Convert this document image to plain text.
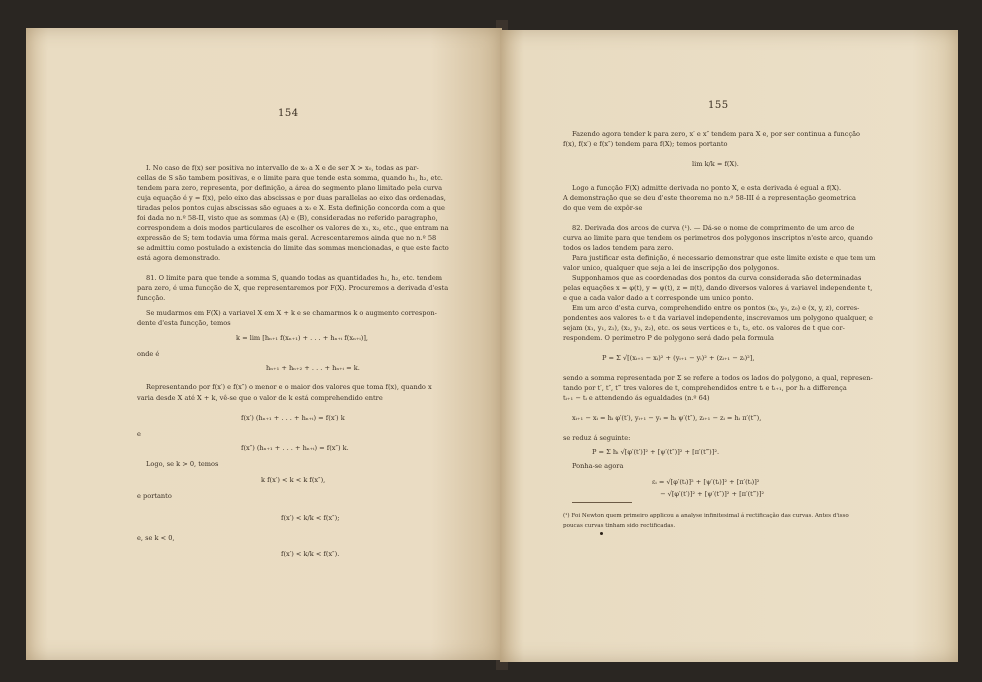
154
I. No caso de f(x) ser positiva no intervallo de x₀ a X e de ser X > x₀, todas as par-
cellas de S são tambem positivas, e o limite para que tende esta somma, quando h₁, h₂, etc.
tendem para zero, representa, por definição, a área do segmento plano limitado pela curva
cuja equação é y = f(x), pelo eixo das abscissas e por duas parallelas ao eixo das ordenadas,
tiradas pelos pontos cujas abscissas são eguaes a x₀ e X. Esta definição concorda com a que
foi dada no n.º 58-II, visto que as sommas (A) e (B), consideradas no referido paragrapho,
correspondem a dois modos particulares de escolher os valores de x₁, x₂, etc., que entram na
expressão de S; tem todavia uma fórma mais geral. Acrescentaremos ainda que no n.º 58
se admittiu como postulado a existencia do limite das sommas mencionadas, e que este facto
está agora demonstrado.
81. O limite para que tende a somma S, quando todas as quantidades h₁, h₂, etc. tendem
para zero, é uma funcção de X, que representaremos por F(X). Procuremos a derivada d'esta
funcção.
Se mudarmos em F(X) a variavel X em X + k e se chamarmos k o augmento correspon-
dente d'esta funcção, temos
k = lim [hₙ₊₁ f(xₙ₊₁) + . . . + hₙ₊ᵢ f(xₙ₊ᵢ)],
onde é
hₙ₊₁ + hₙ₊₂ + . . . + hₙ₊ᵢ = k.
Representando por f(x′) e f(x″) o menor e o maior dos valores que toma f(x), quando x
varia desde X até X + k, vê-se que o valor de k está comprehendido entre
f(x′) (hₙ₊₁ + . . . + hₙ₊ᵢ) = f(x′) k
e
f(x″) (hₙ₊₁ + . . . + hₙ₊ᵢ) = f(x″) k.
Logo, se k > 0, temos
k f(x′) < k < k f(x″),
e portanto
f(x′) < k/k < f(x″);
e, se k < 0,
f(x′) < k/k < f(x″).
155
Fazendo agora tender k para zero, x′ e x″ tendem para X e, por ser continua a funcção
f(x), f(x′) e f(x″) tendem para f(X); temos portanto
lim k/k = f(X).
Logo a funcção F(X) admitte derivada no ponto X, e esta derivada é egual a f(X).
A demonstração que se deu d'este theorema no n.º 58-III é a representação geometrica
do que vem de expôr-se
82. Derivada dos arcos de curva (¹). — Dá-se o nome de comprimento de um arco de
curva ao limite para que tendem os perimetros dos polygonos inscriptos n'este arco, quando
todos os lados tendem para zero.
Para justificar esta definição, é necessario demonstrar que este limite existe e que tem um
valor unico, qualquer que seja a lei de inscripção dos polygonos.
Supponhamos que as coordenadas dos pontos da curva considerada são determinadas
pelas equações x = φ(t), y = ψ(t), z = π(t), dando diversos valores á variavel independente t,
e que a cada valor dado a t corresponde um unico ponto.
Em um arco d'esta curva, comprehendido entre os pontos (x₀, y₀, z₀) e (x, y, z), corres-
pondentes aos valores t₀ e t da variavel independente, inscrevamos um polygono qualquer, e
sejam (x₁, y₁, z₁), (x₂, y₂, z₂), etc. os seus vertices e t₁, t₂, etc. os valores de t que cor-
respondem. O perimetro P de polygono será dado pela formula
P = Σ √[(xᵢ₊₁ − xᵢ)² + (yᵢ₊₁ − yᵢ)² + (zᵢ₊₁ − zᵢ)²],
sendo a somma representada por Σ se refere a todos os lados do polygono, a qual, represen-
tando por t′, t″, t‴ tres valores de t, comprehendidos entre tᵢ e tᵢ₊₁, por hᵢ a differença
tᵢ₊₁ − tᵢ e attendendo ás egualdades (n.º 64)
xᵢ₊₁ − xᵢ = hᵢ φ′(t′), yᵢ₊₁ − yᵢ = hᵢ ψ′(t″), zᵢ₊₁ − zᵢ = hᵢ π′(t‴),
se reduz á seguinte:
P = Σ hᵢ √[φ′(t′)]² + [ψ′(t″)]² + [π′(t‴)]².
Ponha-se agora
εᵢ = √[φ′(tᵢ)]² + [ψ′(tᵢ)]² + [π′(tᵢ)]²
− √[φ′(t′)]² + [ψ′(t″)]² + [π′(t‴)]²
(¹) Foi Newton quem primeiro applicou a analyse infinitesimal á rectificação das curvas. Antes d'isso
poucas curvas tinham sido rectificadas.
